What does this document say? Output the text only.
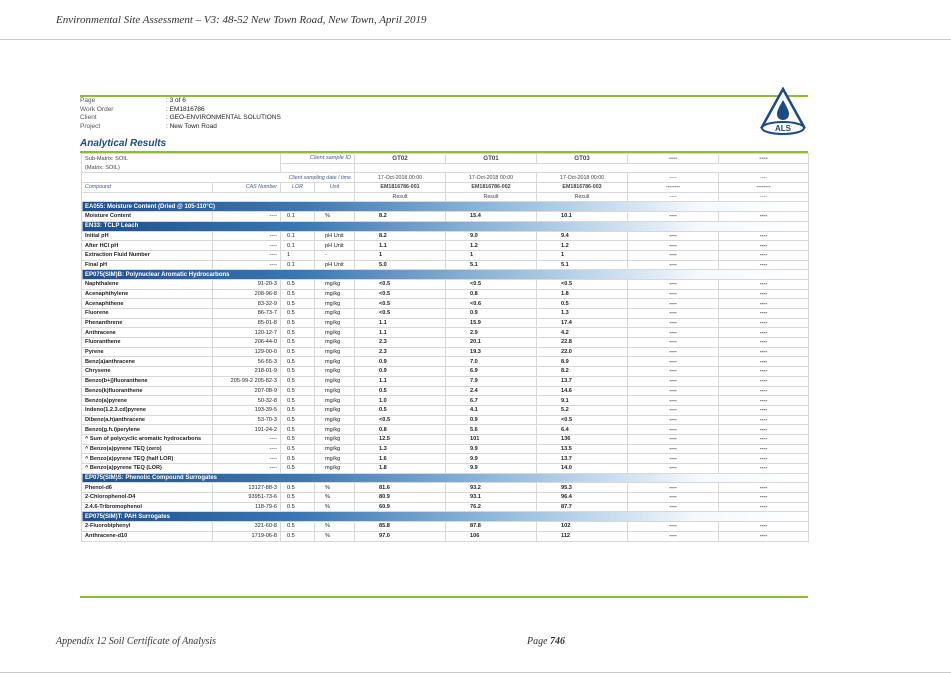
Environmental Site Assessment – V3: 48-52 New Town Road, New Town, April 2019
Page	: 3 of 6
Work Order	: EM1816786
Client	: GEO-ENVIRONMENTAL SOLUTIONS
Project	: New Town Road	ALS
Analytical Results
Sub-Matrix: SOIL		Client sample ID		GT02	GT01	GT03	----	----
(Matrix: SOIL)								
Client sampling date / time				17-Oct-2018 00:00	17-Oct-2018 00:00	17-Oct-2018 00:00	----	----
Compound	CAS Number	LOR	Unit	EM1816786-001	EM1816786-002	EM1816786-003	--------	--------
				Result	Result	Result	----	----
EA055: Moisture Content (Dried @ 105-110°C)								
Moisture Content	----	0.1	%	8.2	15.4	10.1	----	----
EN33: TCLP Leach								
Initial pH	----	0.1	pH Unit	8.2	9.0	9.4	----	----
After HCl pH	----	0.1	pH Unit	1.1	1.2	1.2	----	----
Extraction Fluid Number	----	1	-	1	1	1	----	----
Final pH	----	0.1	pH Unit	5.0	5.1	5.1	----	----
EP075(SIM)B: Polynuclear Aromatic Hydrocarbons								
Naphthalene	91-20-3	0.5	mg/kg	<0.5	<0.5	<0.5	----	----
Acenaphthylene	208-96-8	0.5	mg/kg	<0.5	0.8	1.8	----	----
Acenaphthene	83-32-9	0.5	mg/kg	<0.5	<0.6	0.5	----	----
Fluorene	86-73-7	0.5	mg/kg	<0.5	0.9	1.3	----	----
Phenanthrene	85-01-8	0.5	mg/kg	1.1	15.9	17.4	----	----
Anthracene	120-12-7	0.5	mg/kg	1.1	2.9	4.2	----	----
Fluoranthene	206-44-0	0.5	mg/kg	2.3	20.1	22.8	----	----
Pyrene	129-00-0	0.5	mg/kg	2.3	19.3	22.0	----	----
Benz(a)anthracene	56-55-3	0.5	mg/kg	0.9	7.0	8.9	----	----
Chrysene	218-01-9	0.5	mg/kg	0.9	6.9	8.2	----	----
Benzo(b+j)fluoranthene	205-99-2 205-82-3	0.5	mg/kg	1.1	7.9	13.7	----	----
Benzo(k)fluoranthene	207-08-9	0.5	mg/kg	0.5	2.4	14.6	----	----
Benzo(a)pyrene	50-32-8	0.5	mg/kg	1.0	6.7	9.1	----	----
Indeno(1.2.3.cd)pyrene	193-39-5	0.5	mg/kg	0.5	4.1	5.2	----	----
Dibenz(a.h)anthracene	53-70-3	0.5	mg/kg	<0.5	0.9	<0.5	----	----
Benzo(g.h.i)perylene	191-24-2	0.5	mg/kg	0.8	5.6	6.4	----	----
^ Sum of polycyclic aromatic hydrocarbons	----	0.5	mg/kg	12.5	101	136	----	----
^ Benzo(a)pyrene TEQ (zero)	----	0.5	mg/kg	1.3	9.9	13.5	----	----
^ Benzo(a)pyrene TEQ (half LOR)	----	0.5	mg/kg	1.6	9.9	13.7	----	----
^ Benzo(a)pyrene TEQ (LOR)	----	0.5	mg/kg	1.8	9.9	14.0	----	----
EP075(SIM)S: Phenolic Compound Surrogates								
Phenol-d6	13127-88-3	0.5	%	81.6	93.2	95.3	----	----
2-Chlorophenol-D4	93951-73-6	0.5	%	80.9	93.1	96.4	----	----
2.4.6-Tribromophenol	118-79-6	0.5	%	60.9	76.2	87.7	----	----
EP075(SIM)T: PAH Surrogates								
2-Fluorobiphenyl	321-60-8	0.5	%	85.8	87.8	102	----	----
Anthracene-d10	1719-06-8	0.5	%	97.0	106	112	----	----
Appendix 12 Soil Certificate of Analysis	Page 746
